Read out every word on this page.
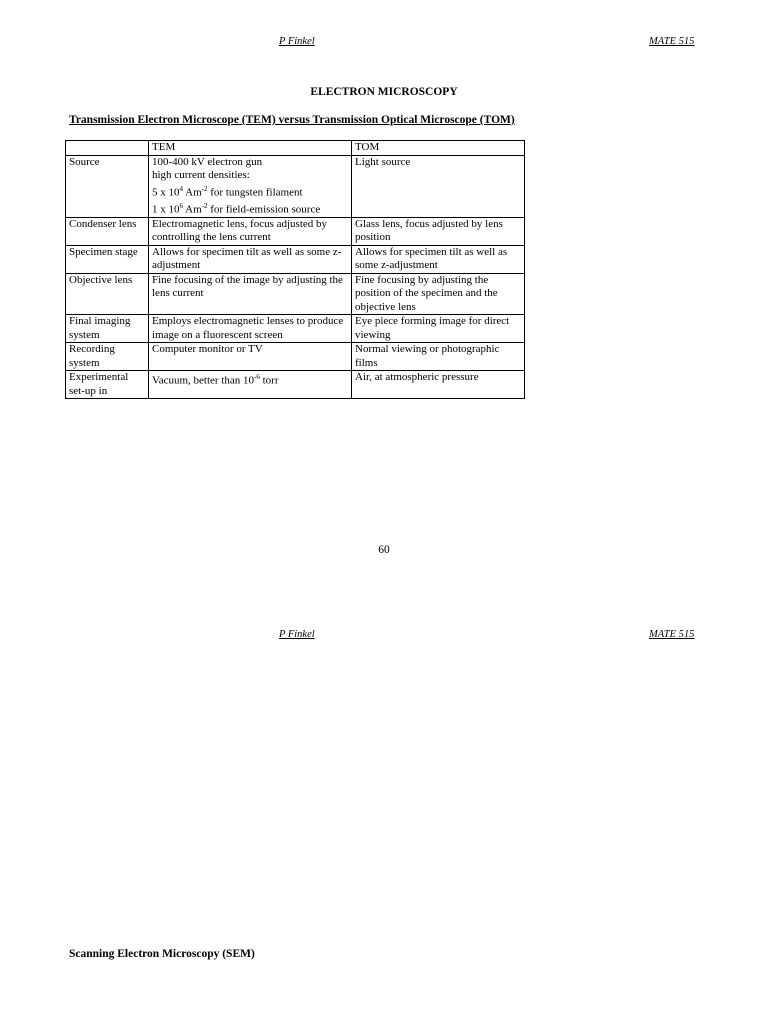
P Finkel	MATE 515
ELECTRON MICROSCOPY
Transmission Electron Microscope (TEM) versus Transmission Optical Microscope (TOM)
	TEM	TOM
Source	100-400 kV electron gun
high current densities:
5 x $10^4$ $Am^{-2}$ for tungsten filament
1 x $10^6$ $Am^{-2}$ for field-emission source	Light source
Condenser lens	Electromagnetic lens, focus adjusted by controlling the lens current	Glass lens, focus adjusted by lens position
Specimen stage	Allows for specimen tilt as well as some z-adjustment	Allows for specimen tilt as well as some z-adjustment
Objective lens	Fine focusing of the image by adjusting the lens current	Fine focusing by adjusting the position of the specimen and the objective lens
Final imaging system	Employs electromagnetic lenses to produce image on a fluorescent screen	Eye piece forming image for direct viewing
Recording system	Computer monitor or TV	Normal viewing or photographic films
Experimental set-up in	Vacuum, better than $10^{-6}$ torr	Air, at atmospheric pressure
60
P Finkel	MATE 515
Scanning Electron Microscopy (SEM)
